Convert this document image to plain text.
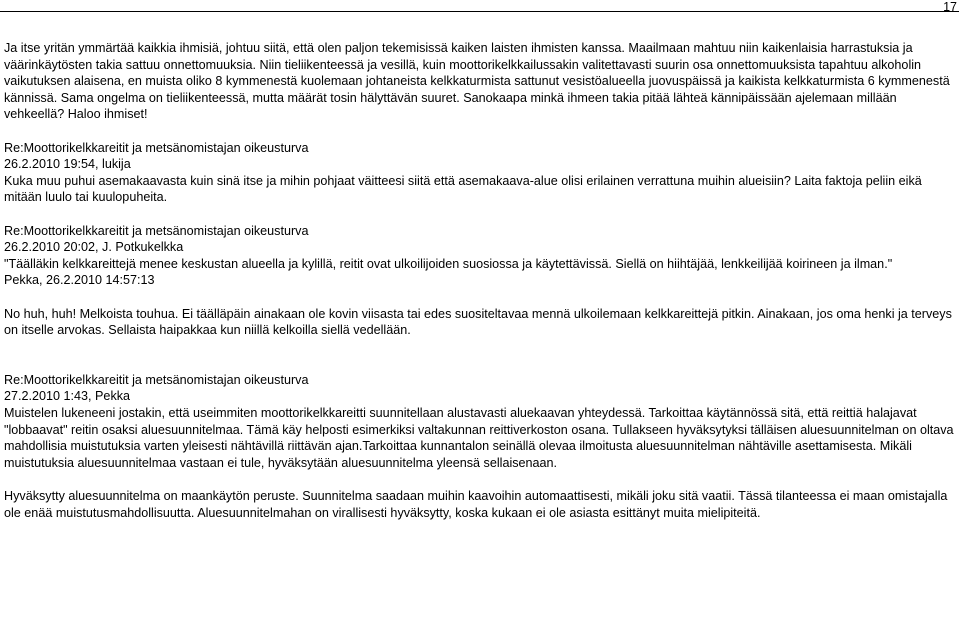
17

Ja itse yritän ymmärtää kaikkia ihmisiä, johtuu siitä, että olen paljon tekemisissä kaiken laisten ihmisten kanssa. Maailmaan mahtuu niin kaikenlaisia harrastuksia ja väärinkäytösten takia sattuu onnettomuuksia. Niin tieliikenteessä ja vesillä, kuin moottorikelkkailussakin valitettavasti suurin osa onnettomuuksista tapahtuu alkoholin vaikutuksen alaisena, en muista oliko 8 kymmenestä kuolemaan johtaneista kelkkaturmista sattunut vesistöalueella juovuspäissä ja kaikista kelkkaturmista 6 kymmenestä kännissä. Sama ongelma on tieliikenteessä, mutta määrät tosin hälyttävän suuret. Sanokaapa minkä ihmeen takia pitää lähteä kännipäissään ajelemaan millään vehkeellä? Haloo ihmiset!

Re:Moottorikelkkareitit ja metsänomistajan oikeusturva

26.2.2010 19:54, lukija

Kuka muu puhui asemakaavasta kuin sinä itse ja mihin pohjaat väitteesi siitä että asemakaava-alue olisi erilainen verrattuna muihin alueisiin? Laita faktoja peliin eikä mitään luulo tai kuulopuheita.

Re:Moottorikelkkareitit ja metsänomistajan oikeusturva

26.2.2010 20:02, J. Potkukelkka

"Täälläkin kelkkareittejä menee keskustan alueella ja kylillä, reitit ovat ulkoilijoiden suosiossa ja käytettävissä. Siellä on hiihtäjää, lenkkeilijää koirineen ja ilman."

Pekka, 26.2.2010 14:57:13

No huh, huh! Melkoista touhua. Ei täälläpäin ainakaan ole kovin viisasta tai edes suositeltavaa mennä ulkoilemaan kelkkareittejä pitkin. Ainakaan, jos oma henki ja terveys on itselle arvokas. Sellaista haipakkaa kun niillä kelkoilla siellä vedellään.

Re:Moottorikelkkareitit ja metsänomistajan oikeusturva

27.2.2010 1:43, Pekka

Muistelen lukeneeni jostakin, että useimmiten moottorikelkkareitti suunnitellaan alustavasti aluekaavan yhteydessä. Tarkoittaa käytännössä sitä, että reittiä halajavat "lobbaavat" reitin osaksi aluesuunnitelmaa. Tämä käy helposti esimerkiksi valtakunnan reittiverkoston osana. Tullakseen hyväksytyksi tälläisen aluesuunnitelman on oltava mahdollisia muistutuksia varten yleisesti nähtävillä riittävän ajan.Tarkoittaa kunnantalon seinällä olevaa ilmoitusta aluesuunnitelman nähtäville asettamisesta. Mikäli muistutuksia aluesuunnitelmaa vastaan ei tule, hyväksytään aluesuunnitelma yleensä sellaisenaan.

Hyväksytty aluesuunnitelma on maankäytön peruste. Suunnitelma saadaan muihin kaavoihin automaattisesti, mikäli joku sitä vaatii. Tässä tilanteessa ei maan omistajalla ole enää muistutusmahdollisuutta. Aluesuunnitelmahan on virallisesti hyväksytty, koska kukaan ei ole asiasta esittänyt muita mielipiteitä.
